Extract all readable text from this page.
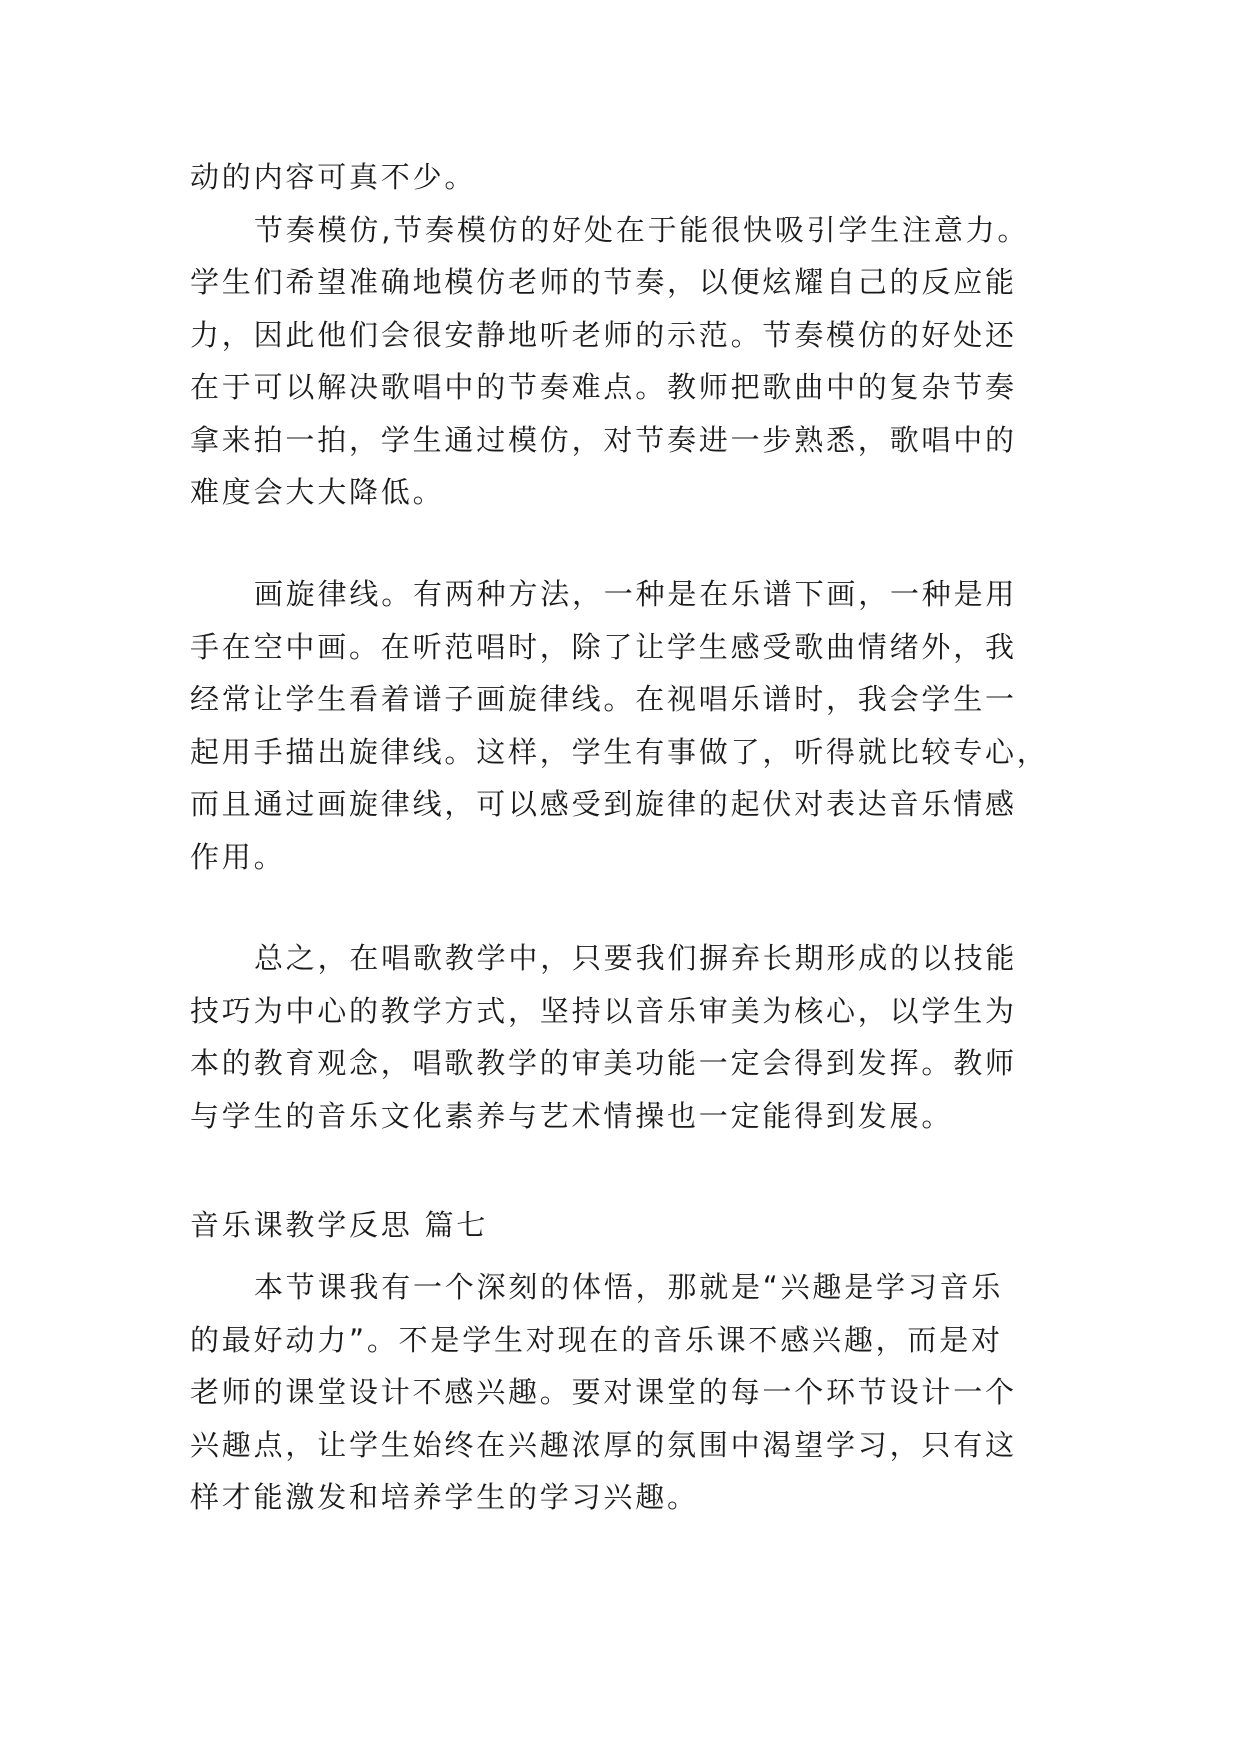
动的内容可真不少。
节奏模仿,节奏模仿的好处在于能很快吸引学生注意力。
学生们希望准确地模仿老师的节奏，以便炫耀自己的反应能
力，因此他们会很安静地听老师的示范。节奏模仿的好处还
在于可以解决歌唱中的节奏难点。教师把歌曲中的复杂节奏
拿来拍一拍，学生通过模仿，对节奏进一步熟悉，歌唱中的
难度会大大降低。
画旋律线。有两种方法，一种是在乐谱下画，一种是用
手在空中画。在听范唱时，除了让学生感受歌曲情绪外，我
经常让学生看着谱子画旋律线。在视唱乐谱时，我会学生一
起用手描出旋律线。这样，学生有事做了，听得就比较专心，
而且通过画旋律线，可以感受到旋律的起伏对表达音乐情感
作用。
总之，在唱歌教学中，只要我们摒弃长期形成的以技能
技巧为中心的教学方式，坚持以音乐审美为核心，以学生为
本的教育观念，唱歌教学的审美功能一定会得到发挥。教师
与学生的音乐文化素养与艺术情操也一定能得到发展。
音乐课教学反思 篇七
本节课我有一个深刻的体悟，那就是“兴趣是学习音乐
的最好动力”。不是学生对现在的音乐课不感兴趣，而是对
老师的课堂设计不感兴趣。要对课堂的每一个环节设计一个
兴趣点，让学生始终在兴趣浓厚的氛围中渴望学习，只有这
样才能激发和培养学生的学习兴趣。
